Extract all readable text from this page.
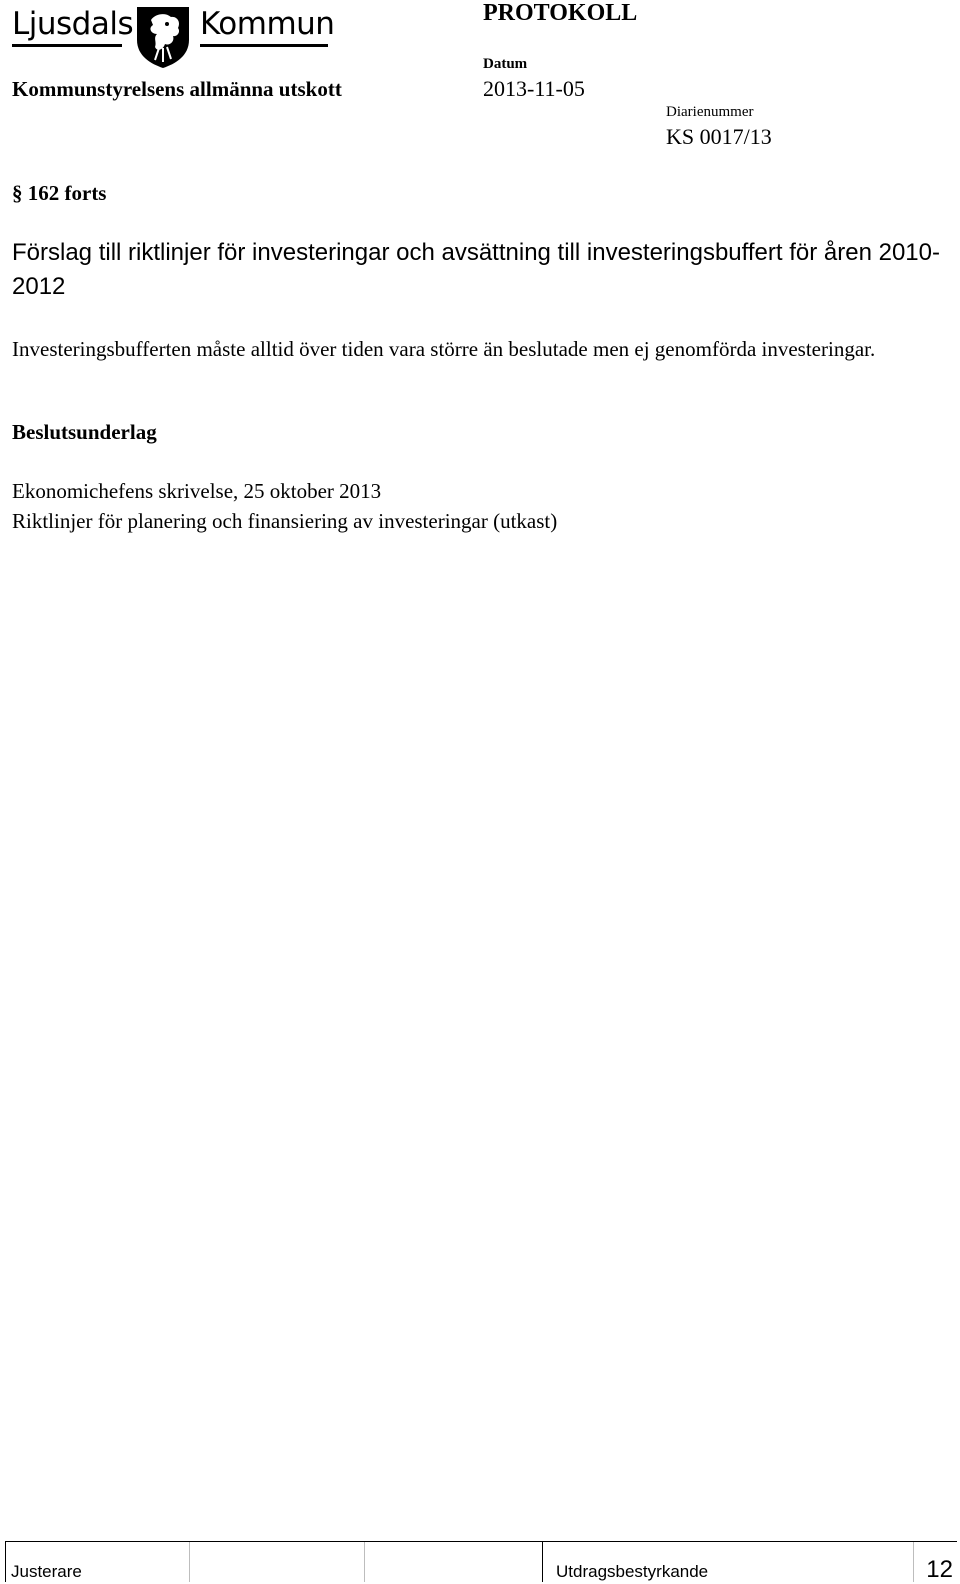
Ljusdals Kommun	PROTOKOLL
Kommunstyrelsens allmänna utskott
Datum
2013-11-05
Diarienummer
KS 0017/13
§ 162 forts
Förslag till riktlinjer för investeringar och avsättning till investeringsbuffert för åren 2010-2012
Investeringsbufferten måste alltid över tiden vara större än beslutade men ej genomförda investeringar.
Beslutsunderlag
Ekonomichefens skrivelse, 25 oktober 2013
Riktlinjer för planering och finansiering av investeringar (utkast)
Justerare	Utdragsbestyrkande	12
